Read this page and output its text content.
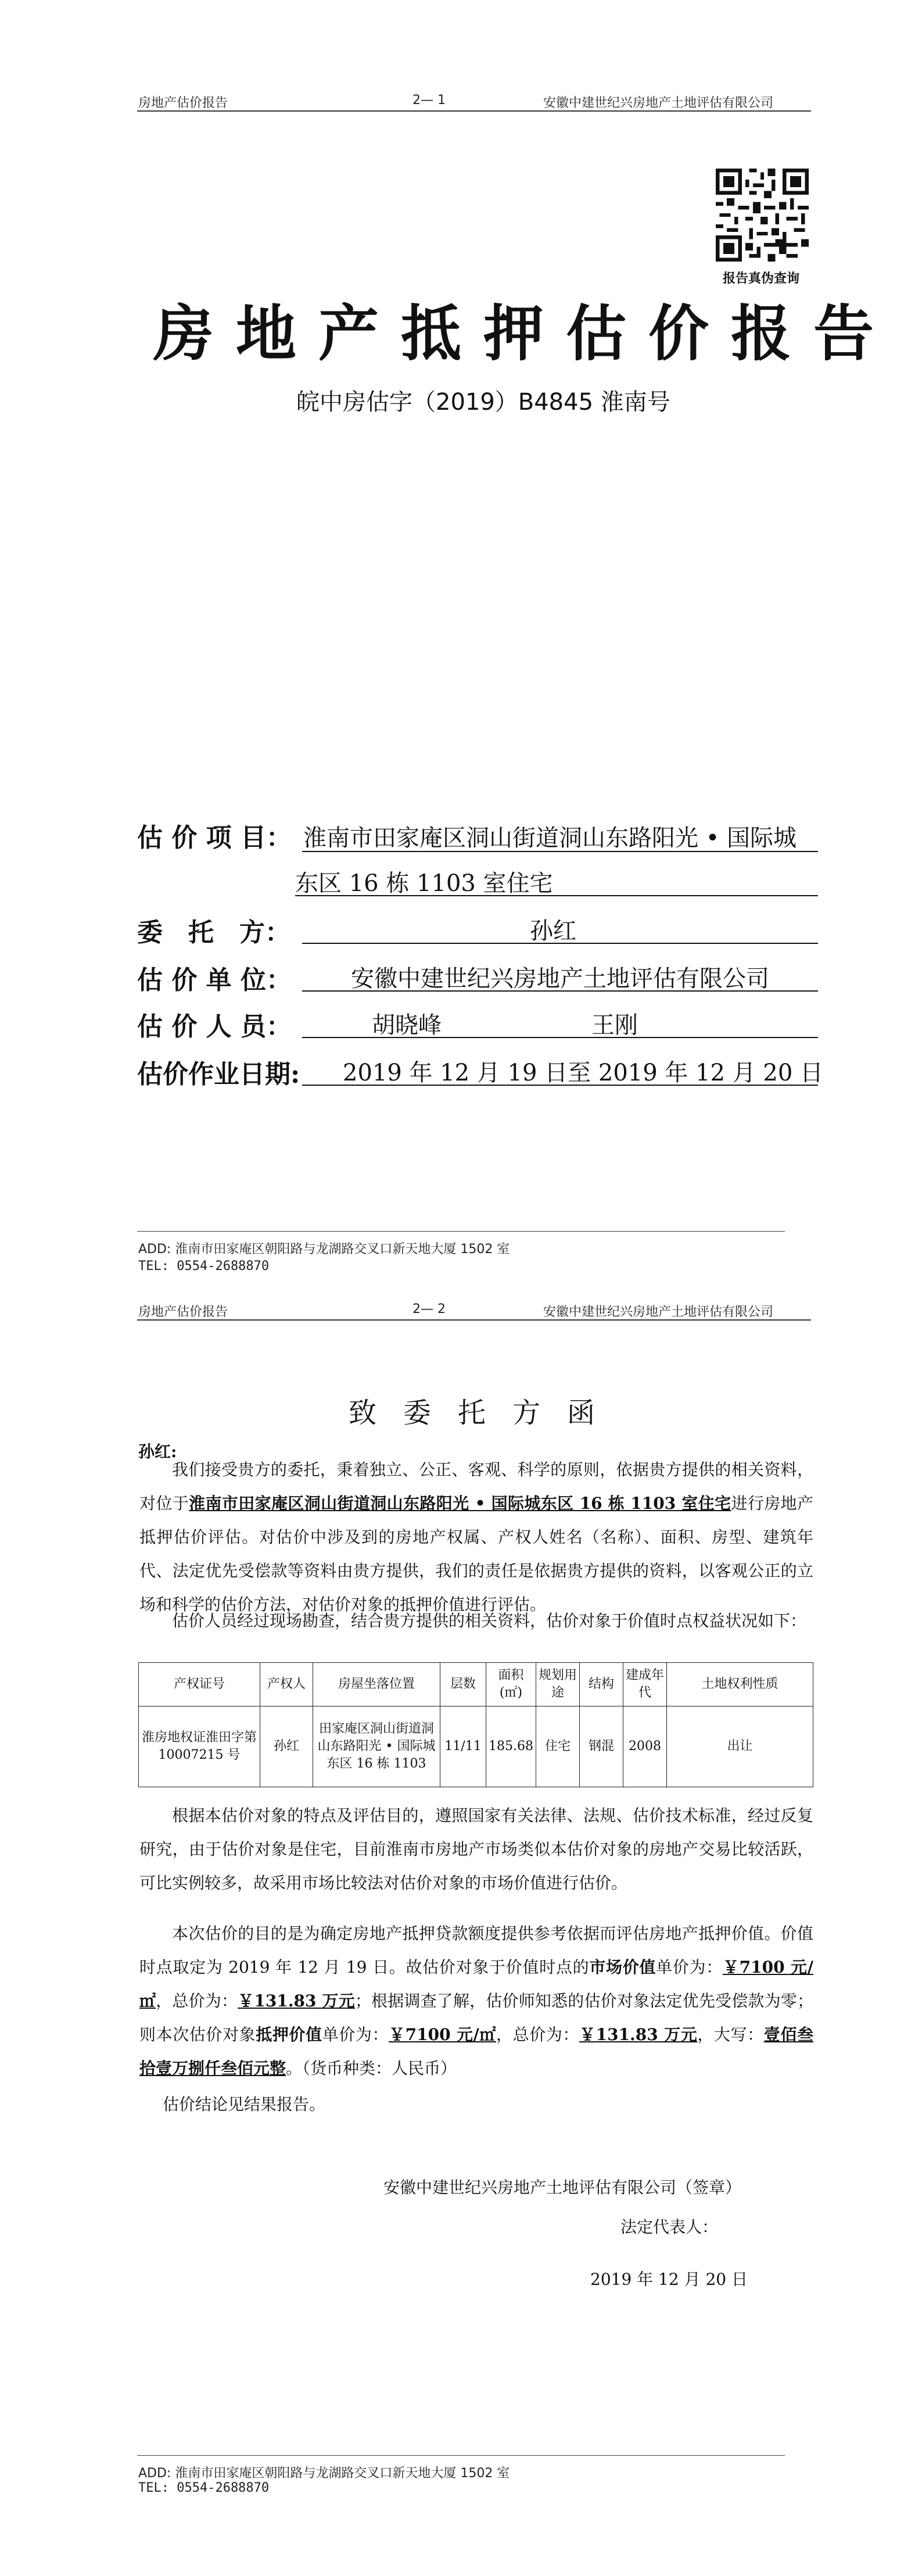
房地产估价报告	2— 1	安徽中建世纪兴房地产土地评估有限公司
报告真伪查询
房地产抵押估价报告
皖中房估字（2019）B4845 淮南号
估 价 项 目： 淮南市田家庵区洞山街道洞山东路阳光 • 国际城
东区 16 栋 1103 室住宅
委　托　方：	孙红
估 价 单 位：	安徽中建世纪兴房地产土地评估有限公司
估 价 人 员：	胡晓峰	王刚
估价作业日期: 2019 年 12 月 19 日至 2019 年 12 月 20 日
ADD: 淮南市田家庵区朝阳路与龙湖路交叉口新天地大厦 1502 室
TEL: 0554-2688870
房地产估价报告	2— 2	安徽中建世纪兴房地产土地评估有限公司
致委托方函
孙红:

我们接受贵方的委托，秉着独立、公正、客观、科学的原则，依据贵方提供的相关资料，对位于淮南市田家庵区洞山街道洞山东路阳光 • 国际城东区 16 栋 1103 室住宅进行房地产抵押估价评估。对估价中涉及到的房地产权属、产权人姓名（名称）、面积、房型、建筑年代、法定优先受偿款等资料由贵方提供，我们的责任是依据贵方提供的资料，以客观公正的立场和科学的估价方法，对估价对象的抵押价值进行评估。

估价人员经过现场勘查，结合贵方提供的相关资料，估价对象于价值时点权益状况如下：

产权证号	产权人	房屋坐落位置	层数	面积(㎡)	规划用途	结构	建成年代	土地权利性质
淮房地权证淮田字第 10007215 号	孙红	田家庵区洞山街道洞山东路阳光 • 国际城东区 16 栋 1103	11/11	185.68	住宅	钢混	2008	出让

根据本估价对象的特点及评估目的，遵照国家有关法律、法规、估价技术标准，经过反复研究，由于估价对象是住宅，目前淮南市房地产市场类似本估价对象的房地产交易比较活跃，可比实例较多，故采用市场比较法对估价对象的市场价值进行估价。

本次估价的目的是为确定房地产抵押贷款额度提供参考依据而评估房地产抵押价值。价值时点取定为 2019 年 12 月 19 日。故估价对象于价值时点的市场价值单价为：￥7100 元/㎡，总价为：￥131.83 万元；根据调查了解，估价师知悉的估价对象法定优先受偿款为零；则本次估价对象抵押价值单价为：￥7100 元/㎡，总价为：￥131.83 万元，大写：壹佰叁拾壹万捌仟叁佰元整。（货币种类：人民币）

估价结论见结果报告。

安徽中建世纪兴房地产土地评估有限公司（签章）
法定代表人：
2019 年 12 月 20 日
ADD: 淮南市田家庵区朝阳路与龙湖路交叉口新天地大厦 1502 室
TEL: 0554-2688870
